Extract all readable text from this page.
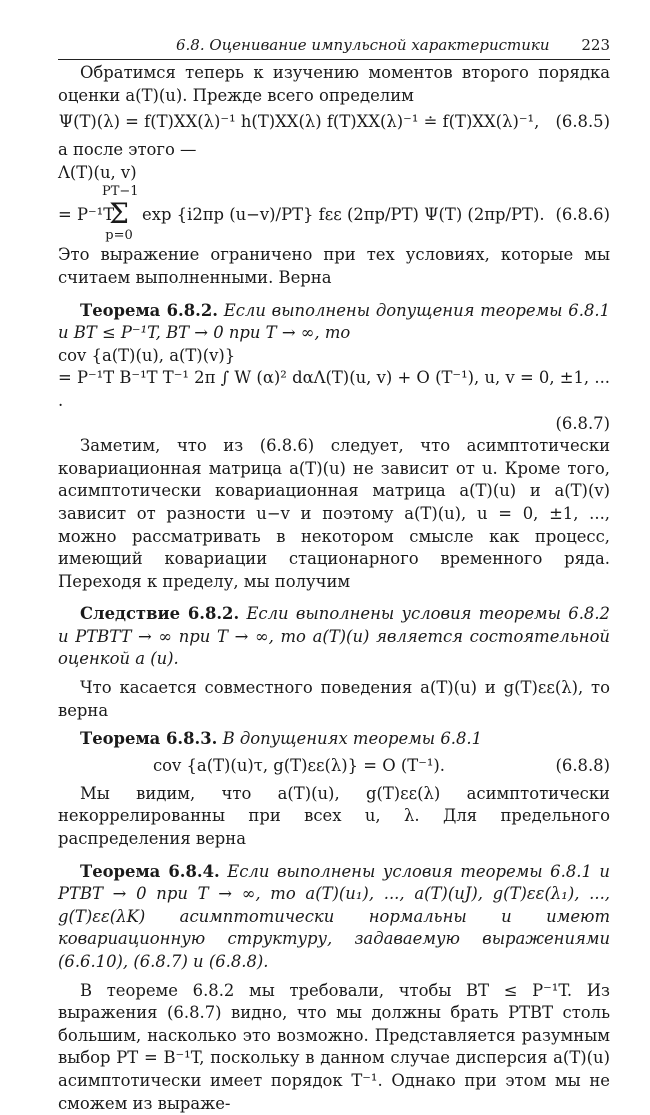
6.8. Оценивание импульсной характеристики 223

Обратимся теперь к изучению моментов второго порядка оценки a(T)(u). Прежде всего определим

Ψ(T)(λ) = f(T)XX(λ)⁻¹ h(T)XX(λ) f(T)XX(λ)⁻¹ ≐ f(T)XX(λ)⁻¹, (6.8.5)

а после этого —

Λ(T)(u, v)

= P⁻¹T
PT−1
Σ
p=0
exp {i2πp (u−v)/PT} fεε (2πp/PT) Ψ(T) (2πp/PT). (6.8.6)

Это выражение ограничено при тех условиях, которые мы считаем выполненными. Верна

Теорема 6.8.2. Если выполнены допущения теоремы 6.8.1 и BT ≤ P⁻¹T, BT → 0 при T → ∞, то

cov {a(T)(u), a(T)(v)}

= P⁻¹T B⁻¹T T⁻¹ 2π ∫ W (α)² dαΛ(T)(u, v) + O (T⁻¹), u, v = 0, ±1, ... .

(6.8.7)

Заметим, что из (6.8.6) следует, что асимптотически ковариационная матрица a(T)(u) не зависит от u. Кроме того, асимптотически ковариационная матрица a(T)(u) и a(T)(v) зависит от разности u−v и поэтому a(T)(u), u = 0, ±1, ..., можно рассматривать в некотором смысле как процесс, имеющий ковариации стационарного временного ряда. Переходя к пределу, мы получим

Следствие 6.8.2. Если выполнены условия теоремы 6.8.2 и PTBTT → ∞ при T → ∞, то a(T)(u) является состоятельной оценкой a (u).

Что касается совместного поведения a(T)(u) и g(T)εε(λ), то верна

Теорема 6.8.3. В допущениях теоремы 6.8.1

cov {a(T)(u)τ, g(T)εε(λ)} = O (T⁻¹).	(6.8.8)

Мы видим, что a(T)(u), g(T)εε(λ) асимптотически некоррелированны при всех u, λ. Для предельного распределения верна

Теорема 6.8.4. Если выполнены условия теоремы 6.8.1 и PTBT → 0 при T → ∞, то a(T)(u₁), ..., a(T)(uJ), g(T)εε(λ₁), ..., g(T)εε(λK) асимптотически нормальны и имеют ковариационную структуру, задаваемую выражениями (6.6.10), (6.8.7) и (6.8.8).

В теореме 6.8.2 мы требовали, чтобы BT ≤ P⁻¹T. Из выражения (6.8.7) видно, что мы должны брать PTBT столь большим, насколько это возможно. Представляется разумным выбор PT = B⁻¹T, поскольку в данном случае дисперсия a(T)(u) асимптотически имеет порядок T⁻¹. Однако при этом мы не сможем из выраже-
